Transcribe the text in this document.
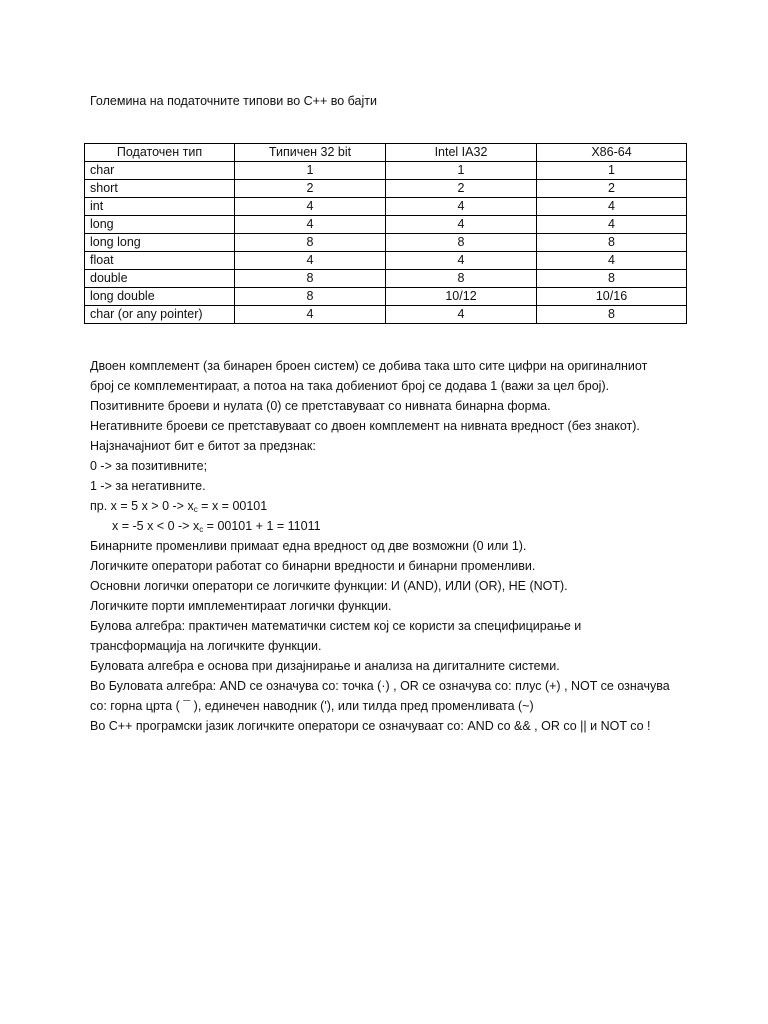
Големина на податочните типови во C++ во бајти
Податочен тип	Типичен 32 bit	Intel IA32	X86-64
char	1	1	1
short	2	2	2
int	4	4	4
long	4	4	4
long long	8	8	8
float	4	4	4
double	8	8	8
long double	8	10/12	10/16
char (or any pointer)	4	4	8
Двоен комплемент (за бинарен броен систем) се добива така што сите цифри на оригиналниот
број се комплементираат, а потоа на така добиениот број се додава 1 (важи за цел број).
Позитивните броеви и нулата (0) се претставуваат со нивната бинарна форма.
Негативните броеви се претставуваат со двоен комплемент на нивната вредност (без знакот).
Најзначајниот бит е битот за предзнак:
0 -> за позитивните;
1 -> за негативните.
пр. x = 5 $x > 0 -> x_c = x = 00101$
x = -5 $x < 0 -> x_c = 00101 + 1 = 11011$
Бинарните променливи примаат една вредност од две возможни (0 или 1).
Логичките оператори работат со бинарни вредности и бинарни променливи.
Основни логички оператори се логичките функции: И (AND), ИЛИ (OR), НЕ (NOT).
Логичките порти имплементираат логички функции.
Булова алгебра: практичен математички систем кој се користи за специфицирање и
трансформација на логичките функции.
Буловата алгебра е основа при дизајнирање и анализа на дигиталните системи.
Во Буловата алгебра: AND се означува со: точка (·) , OR се означува со: плус (+) , NOT се означува
со: горна црта ( ¯ ), единечен наводник ('), или тилда пред променливата (~)
Во C++ програмски јазик логичките оператори се означуваат со: AND со && , OR со || и NOT со !
